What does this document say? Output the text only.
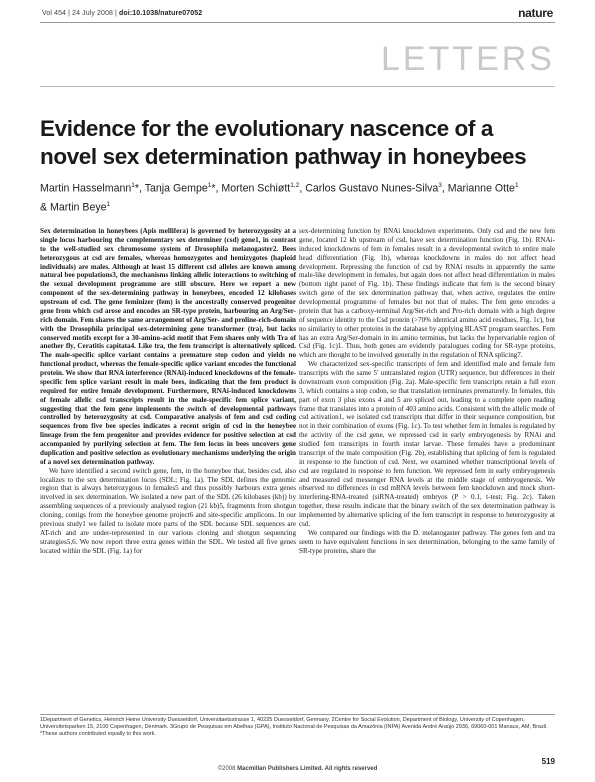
Vol 454 | 24 July 2008 | doi:10.1038/nature07052	nature
LETTERS
Evidence for the evolutionary nascence of a novel sex determination pathway in honeybees
Martin Hasselmann$^1$*, Tanja Gempe$^1$*, Morten Schiøtt$^{1,2}$, Carlos Gustavo Nunes-Silva$^3$, Marianne Otte$^1$
& Martin Beye$^1$

Sex determination in honeybees (Apis mellifera) is governed by heterozygosity at a single locus harbouring the complementary sex determiner (csd) gene1, in contrast to the well-studied sex chromosome system of Drosophila melanogaster2. Bees heterozygous at csd are females, whereas homozygotes and hemizygotes (haploid individuals) are males. Although at least 15 different csd alleles are known among natural bee populations3, the mechanisms linking allelic interactions to switching of the sexual development programme are still obscure. Here we report a new component of the sex-determining pathway in honeybees, encoded 12 kilobases upstream of csd. The gene feminizer (fem) is the ancestrally conserved progenitor gene from which csd arose and encodes an SR-type protein, harbouring an Arg/Ser-rich domain. Fem shares the same arrangement of Arg/Ser- and proline-rich-domain with the Drosophila principal sex-determining gene transformer (tra), but lacks conserved motifs except for a 30-amino-acid motif that Fem shares only with Tra of another fly, Ceratitis capitata4. Like tra, the fem transcript is alternatively spliced. The male-specific splice variant contains a premature stop codon and yields no functional product, whereas the female-specific splice variant encodes the functional protein. We show that RNA interference (RNAi)-induced knockdowns of the female-specific fem splice variant result in male bees, indicating that the fem product is required for entire female development. Furthermore, RNAi-induced knockdowns of female allelic csd transcripts result in the male-specific fem splice variant, suggesting that the fem gene implements the switch of developmental pathways controlled by heterozygosity at csd. Comparative analysis of fem and csd coding sequences from five bee species indicates a recent origin of csd in the honeybee lineage from the fem progenitor and provides evidence for positive selection at csd accompanied by purifying selection at fem. The fem locus in bees uncovers gene duplication and positive selection as evolutionary mechanisms underlying the origin of a novel sex determination pathway.

We have identified a second switch gene, fem, in the honeybee that, besides csd, also localizes to the sex determination locus (SDL; Fig. 1a). The SDL defines the genomic region that is always heterozygous in females5 and thus possibly harbours extra genes involved in sex determination. We isolated a new part of the SDL (26 kilobases (kb)) by assembling sequences of a previously analysed region (21 kb)5, fragments from shotgun cloning, contigs from the honeybee genome project6 and site-specific amplicons. In our previous study1 we failed to isolate more parts of the SDL because SDL sequences are AT-rich and are under-represented in our various cloning and shotgun sequencing strategies5,6. We now report three extra genes within the SDL. We tested all five genes located within the SDL (Fig. 1a) for

sex-determining function by RNAi knockdown experiments. Only csd and the new fem gene, located 12 kb upstream of csd, have sex determination function (Fig. 1b). RNAi-induced knockdowns of fem in females result in a developmental switch to entire male head differentiation (Fig. 1b), whereas knockdowns in males do not affect head development. Repressing the function of csd by RNAi results in apparently the same male-like development in females, but again does not affect head differentiation in males (bottom right panel of Fig. 1b). These findings indicate that fem is the second binary switch gene of the sex determination pathway that, when active, regulates the entire developmental programme of females but not that of males. The fem gene encodes a protein that has a carboxy-terminal Arg/Ser-rich and Pro-rich domain with a high degree of sequence identity to the Csd protein (>70% identical amino acid residues, Fig. 1c), but no similarity to other proteins in the database by applying BLAST program searches. Fem has an extra Arg/Ser-domain in its amino terminus, but lacks the hypervariable region of Csd (Fig. 1c)1. Thus, both genes are evidently paralogues coding for SR-type proteins, which are thought to be involved generally in the regulation of RNA splicing7.

We characterized sex-specific transcripts of fem and identified male and female fem transcripts with the same 5′ untranslated region (UTR) sequence, but differences in their downstream exon composition (Fig. 2a). Male-specific fem transcripts retain a full exon 3, which contains a stop codon, so that translation terminates prematurely. In females, this part of exon 3 plus exons 4 and 5 are spliced out, leading to a complete open reading frame that translates into a protein of 403 amino acids. Consistent with the allelic mode of csd activation1, we isolated csd transcripts that differ in their sequence composition, but not in their combination of exons (Fig. 1c). To test whether fem in females is regulated by the activity of the csd gene, we repressed csd in early embryogenesis by RNAi and studied fem transcripts in fourth instar larvae. These females have a predominant transcript of the male composition (Fig. 2b), establishing that splicing of fem is regulated in response to the function of csd. Next, we examined whether transcriptional levels of csd are regulated in response to fem function. We repressed fem in early embryogenesis and measured csd messenger RNA levels at the middle stage of embryogenesis. We observed no differences in csd mRNA levels between fem knockdown and mock short-interfering-RNA-treated (siRNA-treated) embryos (P > 0.1, t-test; Fig. 2c). Taken together, these results indicate that the binary switch of the sex determination pathway is implemented by alternative splicing of the fem transcript in response to heterozygosity at csd.

We compared our findings with the D. melanogaster pathway. The genes fem and tra seem to have equivalent functions in sex determination, belonging to the same family of SR-type proteins, share the

1Department of Genetics, Heinrich Heine University Duesseldorf, Universitaetsstrasse 1, 40225 Duesseldorf, Germany. 2Centre for Social Evolution, Department of Biology, University of Copenhagen, Universitetsparken 15, 2100 Copenhagen, Denmark. 3Grupo de Pesquisas em Abelhas (GPA), Instituto Nacional de Pesquisas da Amazônia (INPA) Avenida André Araújo 2936, 69060-001 Manaus, AM, Brazil.
*These authors contributed equally to this work.
519
©2008 Macmillan Publishers Limited. All rights reserved
